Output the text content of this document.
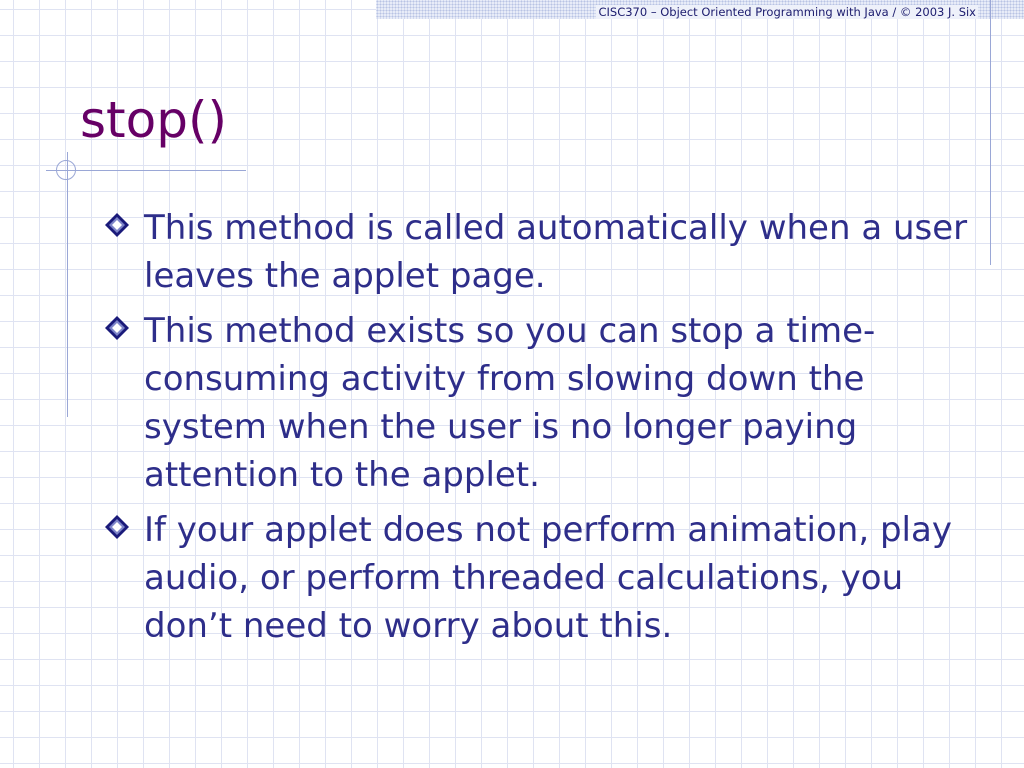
CISC370 – Object Oriented Programming with Java / © 2003 J. Six
stop()
This method is called automatically when a user leaves the applet page.
This method exists so you can stop a time-consuming activity from slowing down the system when the user is no longer paying attention to the applet.
If your applet does not perform animation, play audio, or perform threaded calculations, you don’t need to worry about this.
